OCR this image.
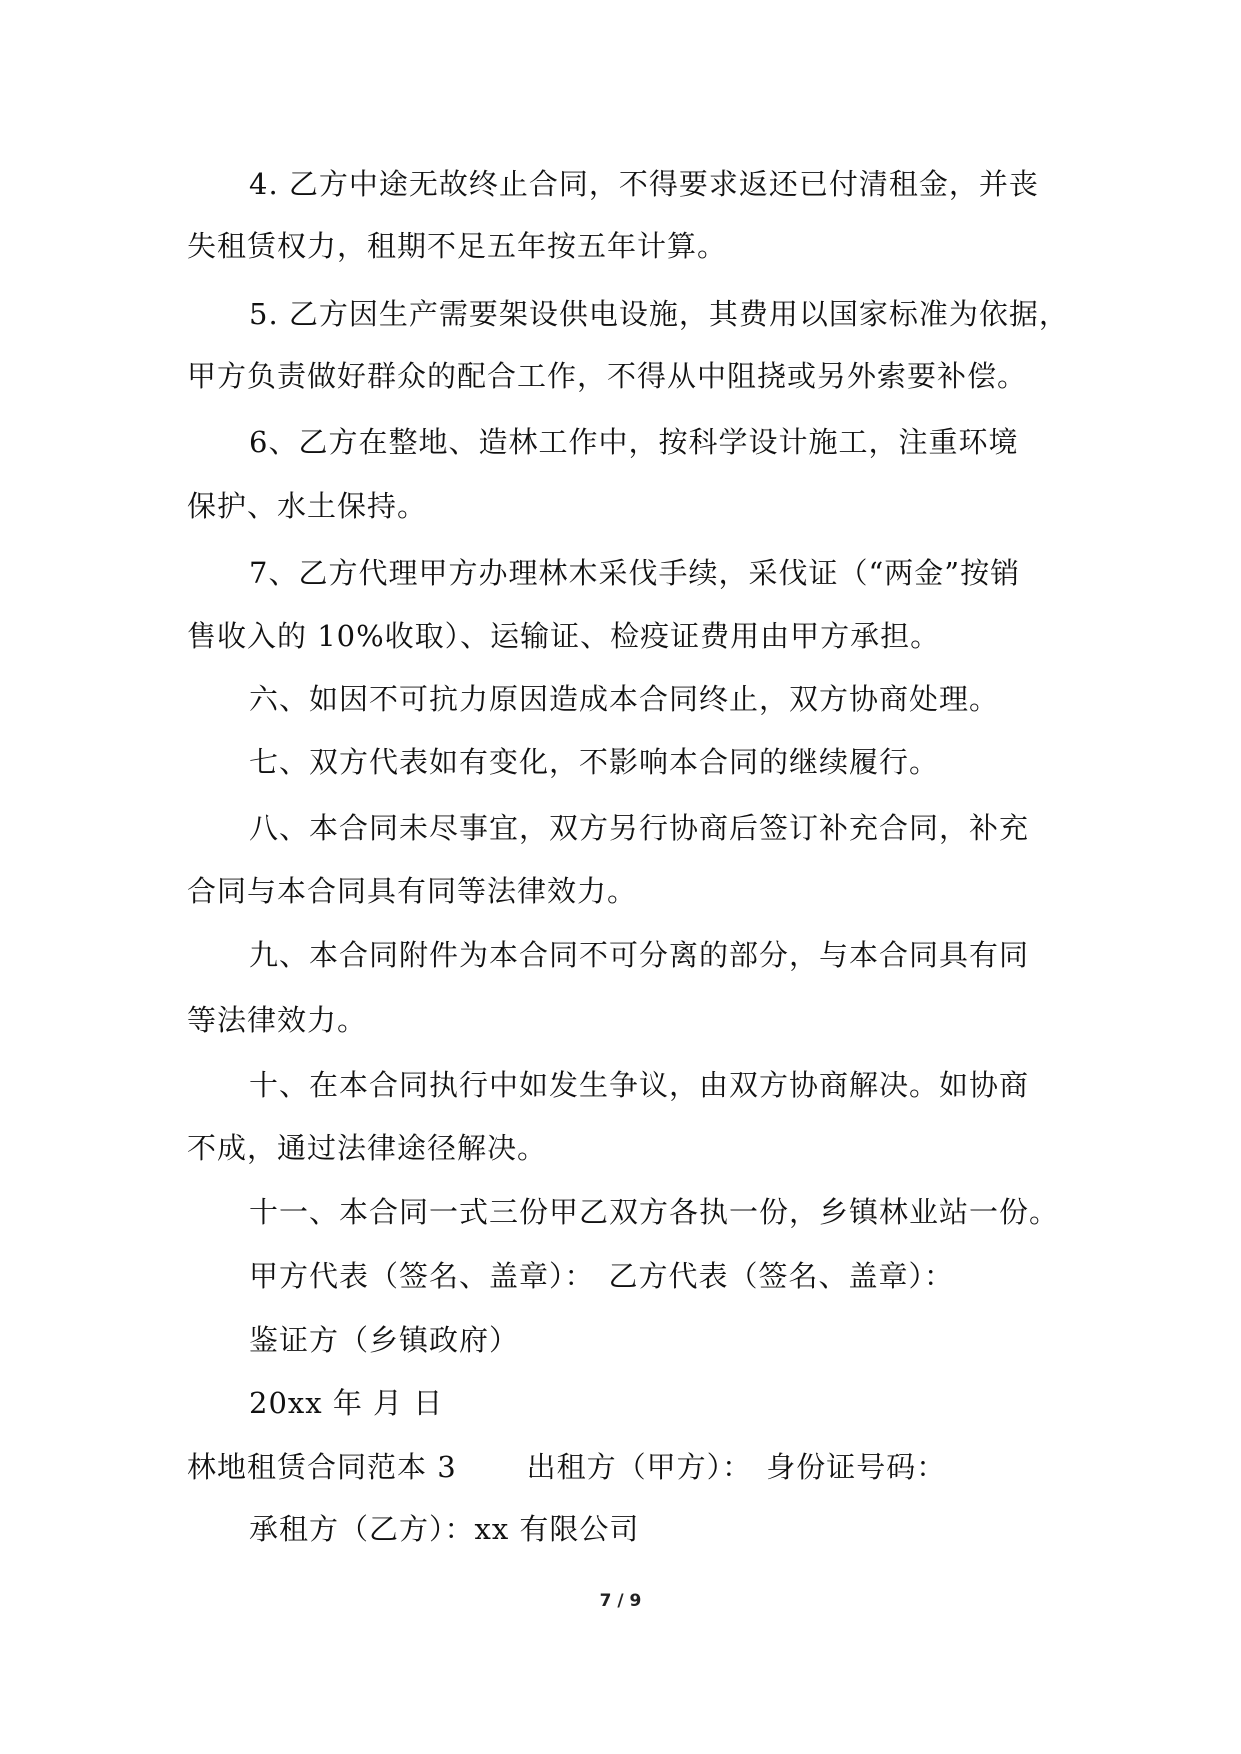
4. 乙方中途无故终止合同，不得要求返还已付清租金，并丧
失租赁权力，租期不足五年按五年计算。
5. 乙方因生产需要架设供电设施，其费用以国家标准为依据，
甲方负责做好群众的配合工作，不得从中阻挠或另外索要补偿。
6、乙方在整地、造林工作中，按科学设计施工，注重环境
保护、水土保持。
7、乙方代理甲方办理林木采伐手续，采伐证（“两金”按销
售收入的 10%收取）、运输证、检疫证费用由甲方承担。
六、如因不可抗力原因造成本合同终止，双方协商处理。
七、双方代表如有变化，不影响本合同的继续履行。
八、本合同未尽事宜，双方另行协商后签订补充合同，补充
合同与本合同具有同等法律效力。
九、本合同附件为本合同不可分离的部分，与本合同具有同
等法律效力。
十、在本合同执行中如发生争议，由双方协商解决。如协商
不成，通过法律途径解决。
十一、本合同一式三份甲乙双方各执一份，乡镇林业站一份。
甲方代表（签名、盖章）： 乙方代表（签名、盖章）：
鉴证方（乡镇政府）
20xx 年 月 日
林地租赁合同范本 3 出租方（甲方）： 身份证号码：
承租方（乙方）：xx 有限公司
7 / 9
